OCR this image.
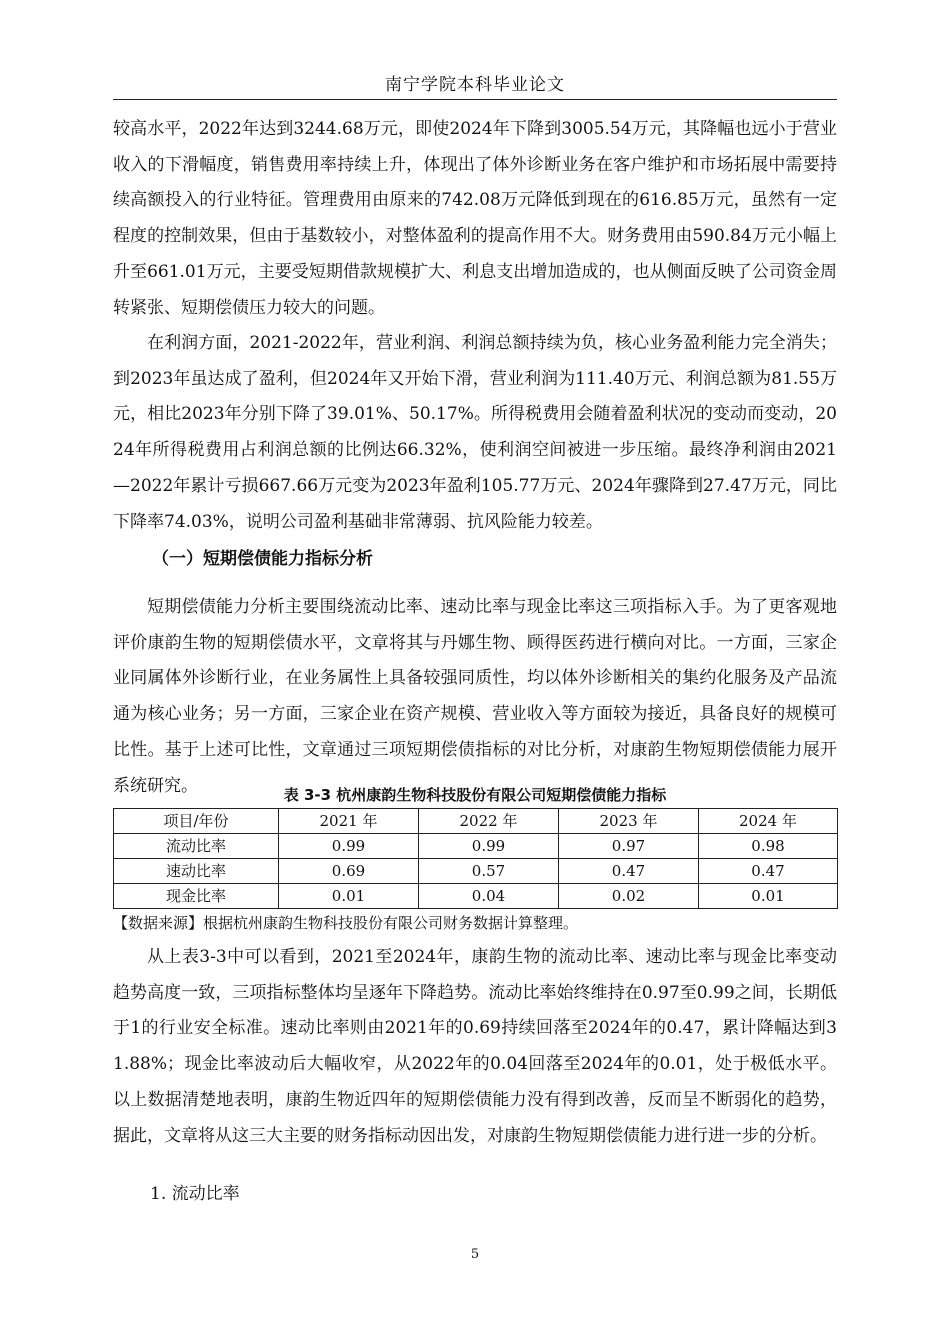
南宁学院本科毕业论文

较高水平，2022年达到3244.68万元，即使2024年下降到3005.54万元，其降幅也远小于营业收入的下滑幅度，销售费用率持续上升，体现出了体外诊断业务在客户维护和市场拓展中需要持续高额投入的行业特征。管理费用由原来的742.08万元降低到现在的616.85万元，虽然有一定程度的控制效果，但由于基数较小，对整体盈利的提高作用不大。财务费用由590.84万元小幅上升至661.01万元，主要受短期借款规模扩大、利息支出增加造成的，也从侧面反映了公司资金周转紧张、短期偿债压力较大的问题。

在利润方面，2021-2022年，营业利润、利润总额持续为负，核心业务盈利能力完全消失；到2023年虽达成了盈利，但2024年又开始下滑，营业利润为111.40万元、利润总额为81.55万元，相比2023年分别下降了39.01%、50.17%。所得税费用会随着盈利状况的变动而变动，2024年所得税费用占利润总额的比例达66.32%，使利润空间被进一步压缩。最终净利润由2021—2022年累计亏损667.66万元变为2023年盈利105.77万元、2024年骤降到27.47万元，同比下降率74.03%，说明公司盈利基础非常薄弱、抗风险能力较差。

（一）短期偿债能力指标分析

短期偿债能力分析主要围绕流动比率、速动比率与现金比率这三项指标入手。为了更客观地评价康韵生物的短期偿债水平，文章将其与丹娜生物、顾得医药进行横向对比。一方面，三家企业同属体外诊断行业，在业务属性上具备较强同质性，均以体外诊断相关的集约化服务及产品流通为核心业务；另一方面，三家企业在资产规模、营业收入等方面较为接近，具备良好的规模可比性。基于上述可比性，文章通过三项短期偿债指标的对比分析，对康韵生物短期偿债能力展开系统研究。	表 3-3 杭州康韵生物科技股份有限公司短期偿债能力指标
项目/年份	2021 年	2022 年	2023 年	2024 年
流动比率	0.99	0.99	0.97	0.98
速动比率	0.69	0.57	0.47	0.47
现金比率	0.01	0.04	0.02	0.01
【数据来源】根据杭州康韵生物科技股份有限公司财务数据计算整理。

从上表3-3中可以看到，2021至2024年，康韵生物的流动比率、速动比率与现金比率变动趋势高度一致，三项指标整体均呈逐年下降趋势。流动比率始终维持在0.97至0.99之间，长期低于1的行业安全标准。速动比率则由2021年的0.69持续回落至2024年的0.47，累计降幅达到31.88%；现金比率波动后大幅收窄，从2022年的0.04回落至2024年的0.01，处于极低水平。以上数据清楚地表明，康韵生物近四年的短期偿债能力没有得到改善，反而呈不断弱化的趋势，据此，文章将从这三大主要的财务指标动因出发，对康韵生物短期偿债能力进行进一步的分析。

1. 流动比率
5
